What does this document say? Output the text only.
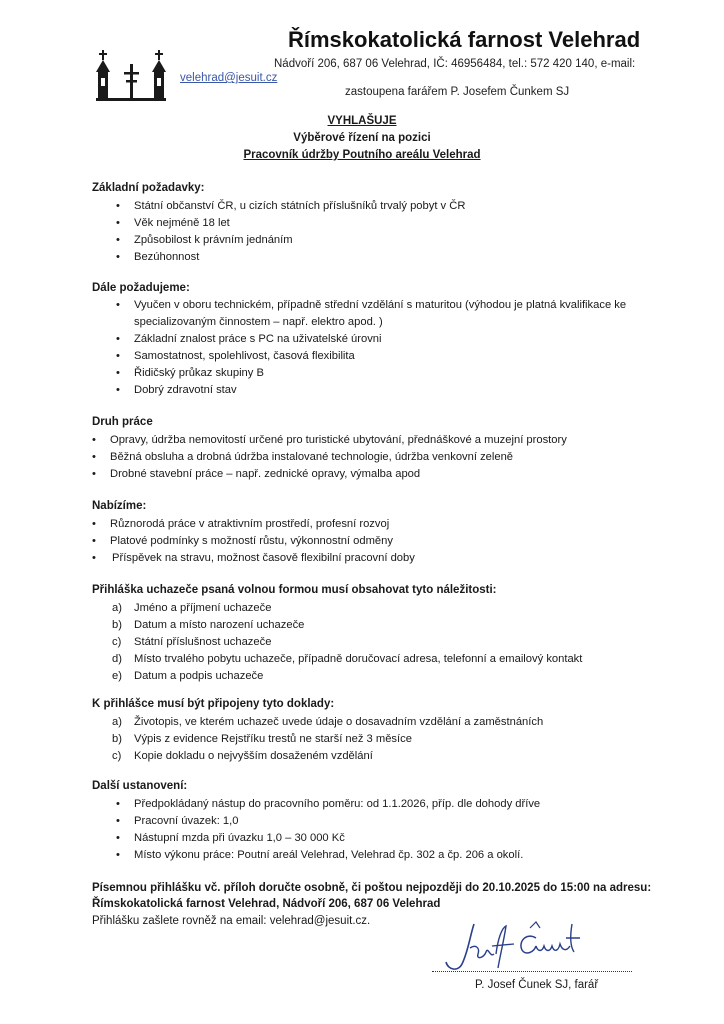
Římskokatolická farnost Velehrad
Nádvoří 206, 687 06 Velehrad, IČ: 46956484, tel.: 572 420 140, e-mail:
velehrad@jesuit.cz
zastoupena farářem P. Josefem Čunkem SJ
VYHLAŠUJE
Výběrové řízení na pozici
Pracovník údržby Poutního areálu Velehrad
Základní požadavky:
• Státní občanství ČR, u cizích státních příslušníků trvalý pobyt v ČR
• Věk nejméně 18 let
• Způsobilost k právním jednáním
• Bezúhonnost
Dále požadujeme:
• Vyučen v oboru technickém, případně střední vzdělání s maturitou (výhodou je platná kvalifikace ke specializovaným činnostem – např. elektro apod. )
• Základní znalost práce s PC na uživatelské úrovni
• Samostatnost, spolehlivost, časová flexibilita
• Řidičský průkaz skupiny B
• Dobrý zdravotní stav
Druh práce
• Opravy, údržba nemovitostí určené pro turistické ubytování, přednáškové a muzejní prostory
• Běžná obsluha a drobná údržba instalované technologie, údržba venkovní zeleně
• Drobné stavební práce – např. zednické opravy, výmalba apod
Nabízíme:
• Různorodá práce v atraktivním prostředí, profesní rozvoj
• Platové podmínky s možností růstu, výkonnostní odměny
• Příspěvek na stravu, možnost časově flexibilní pracovní doby
Přihláška uchazeče psaná volnou formou musí obsahovat tyto náležitosti:
a) Jméno a příjmení uchazeče
b) Datum a místo narození uchazeče
c) Státní příslušnost uchazeče
d) Místo trvalého pobytu uchazeče, případně doručovací adresa, telefonní a emailový kontakt
e) Datum a podpis uchazeče
K přihlášce musí být připojeny tyto doklady:
a) Životopis, ve kterém uchazeč uvede údaje o dosavadním vzdělání a zaměstnáních
b) Výpis z evidence Rejstříku trestů ne starší než 3 měsíce
c) Kopie dokladu o nejvyšším dosaženém vzdělání
Další ustanovení:
• Předpokládaný nástup do pracovního poměru: od 1.1.2026, příp. dle dohody dříve
• Pracovní úvazek: 1,0
• Nástupní mzda při úvazku 1,0 – 30 000 Kč
• Místo výkonu práce: Poutní areál Velehrad, Velehrad čp. 302 a čp. 206 a okolí.
Písemnou přihlášku vč. příloh doručte osobně, či poštou nejpozději do 20.10.2025 do 15:00 na adresu:
Římskokatolická farnost Velehrad, Nádvoří 206, 687 06 Velehrad
Přihlášku zašlete rovněž na email: velehrad@jesuit.cz.
P. Josef Čunek SJ, farář
